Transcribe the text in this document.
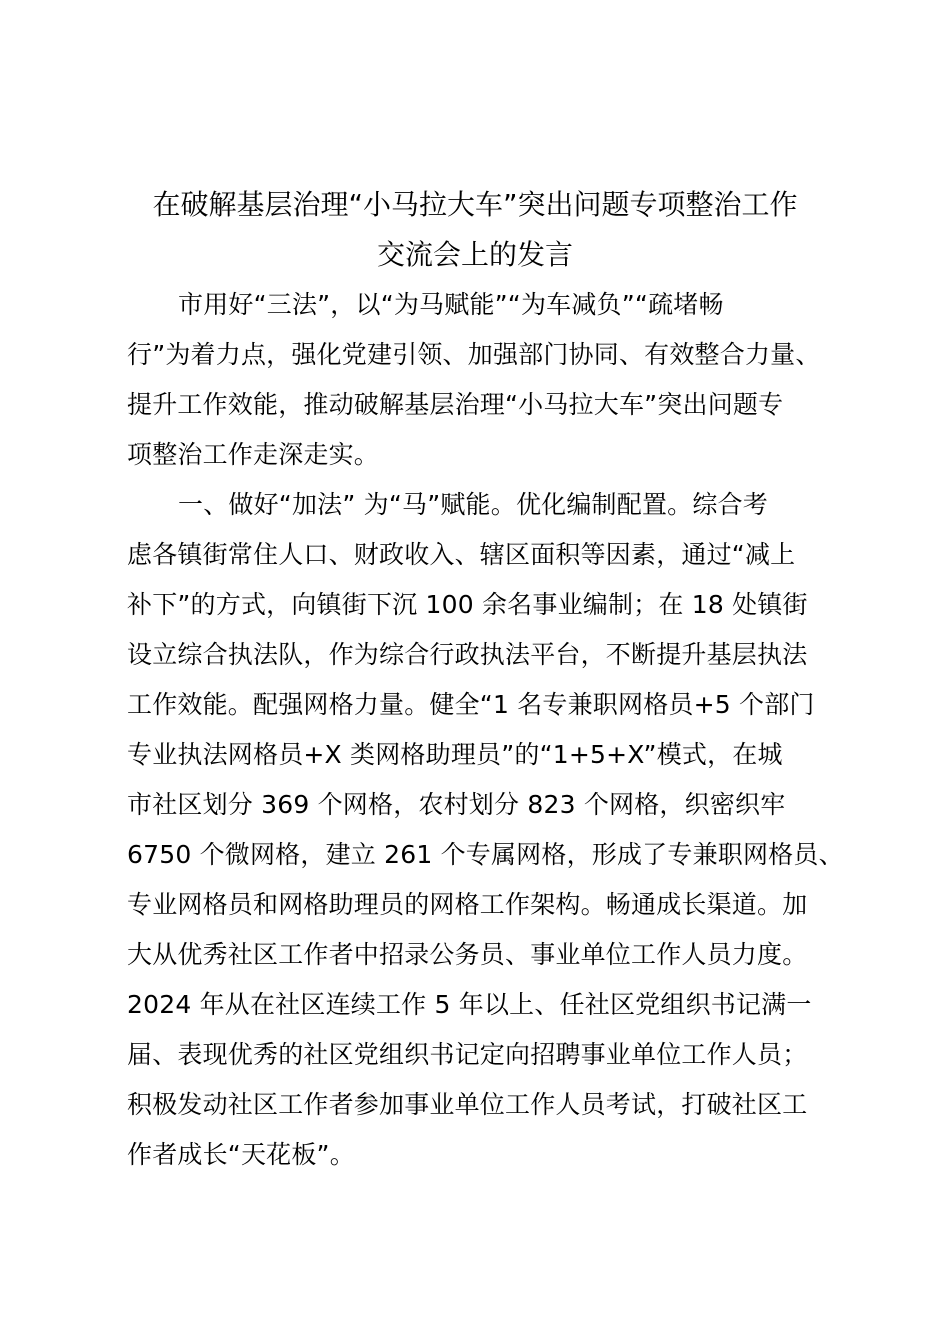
在破解基层治理“小马拉大车”突出问题专项整治工作
交流会上的发言
市用好“三法”，以“为马赋能”“为车减负”“疏堵畅
行”为着力点，强化党建引领、加强部门协同、有效整合力量、
提升工作效能，推动破解基层治理“小马拉大车”突出问题专
项整治工作走深走实。
一、做好“加法” 为“马”赋能。优化编制配置。综合考
虑各镇街常住人口、财政收入、辖区面积等因素，通过“减上
补下”的方式，向镇街下沉 100 余名事业编制；在 18 处镇街
设立综合执法队，作为综合行政执法平台，不断提升基层执法
工作效能。配强网格力量。健全“1 名专兼职网格员+5 个部门
专业执法网格员+X 类网格助理员”的“1+5+X”模式，在城
市社区划分 369 个网格，农村划分 823 个网格，织密织牢
6750 个微网格，建立 261 个专属网格，形成了专兼职网格员、
专业网格员和网格助理员的网格工作架构。畅通成长渠道。加
大从优秀社区工作者中招录公务员、事业单位工作人员力度。
2024 年从在社区连续工作 5 年以上、任社区党组织书记满一
届、表现优秀的社区党组织书记定向招聘事业单位工作人员；
积极发动社区工作者参加事业单位工作人员考试，打破社区工
作者成长“天花板”。
